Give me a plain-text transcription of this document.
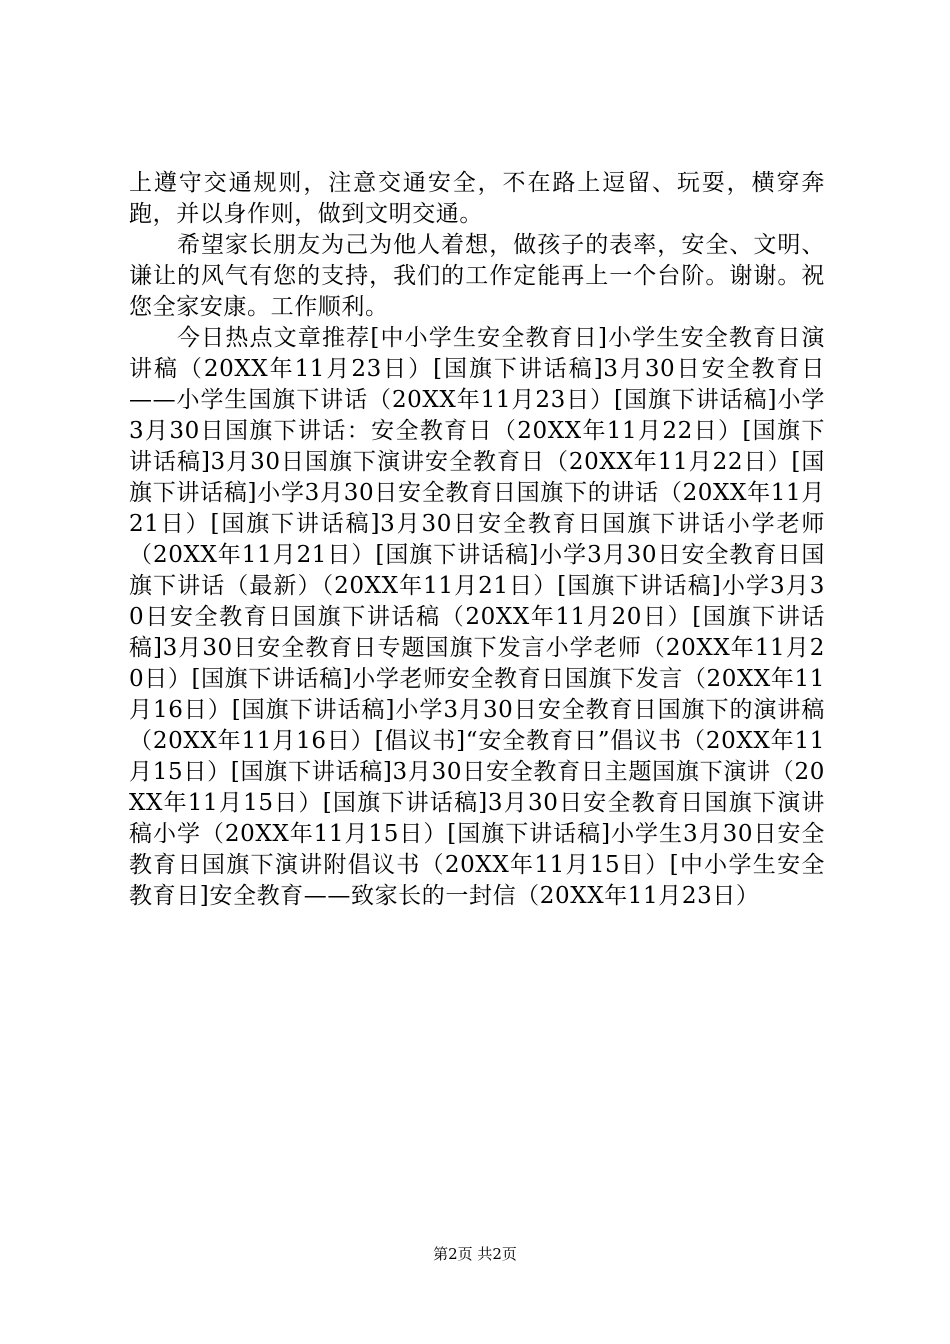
上遵守交通规则，注意交通安全，不在路上逗留、玩耍，横穿奔跑，并以身作则，做到文明交通。

希望家长朋友为己为他人着想，做孩子的表率，安全、文明、谦让的风气有您的支持，我们的工作定能再上一个台阶。谢谢。祝您全家安康。工作顺利。

今日热点文章推荐[中小学生安全教育日]小学生安全教育日演讲稿（20XX年11月23日）[国旗下讲话稿]3月30日安全教育日——小学生国旗下讲话（20XX年11月23日）[国旗下讲话稿]小学3月30日国旗下讲话：安全教育日（20XX年11月22日）[国旗下讲话稿]3月30日国旗下演讲安全教育日（20XX年11月22日）[国旗下讲话稿]小学3月30日安全教育日国旗下的讲话（20XX年11月21日）[国旗下讲话稿]3月30日安全教育日国旗下讲话小学老师（20XX年11月21日）[国旗下讲话稿]小学3月30日安全教育日国旗下讲话（最新）（20XX年11月21日）[国旗下讲话稿]小学3月30日安全教育日国旗下讲话稿（20XX年11月20日）[国旗下讲话稿]3月30日安全教育日专题国旗下发言小学老师（20XX年11月20日）[国旗下讲话稿]小学老师安全教育日国旗下发言（20XX年11月16日）[国旗下讲话稿]小学3月30日安全教育日国旗下的演讲稿（20XX年11月16日）[倡议书]“安全教育日”倡议书（20XX年11月15日）[国旗下讲话稿]3月30日安全教育日主题国旗下演讲（20XX年11月15日）[国旗下讲话稿]3月30日安全教育日国旗下演讲稿小学（20XX年11月15日）[国旗下讲话稿]小学生3月30日安全教育日国旗下演讲附倡议书（20XX年11月15日）[中小学生安全教育日]安全教育——致家长的一封信（20XX年11月23日）

第2页 共2页
